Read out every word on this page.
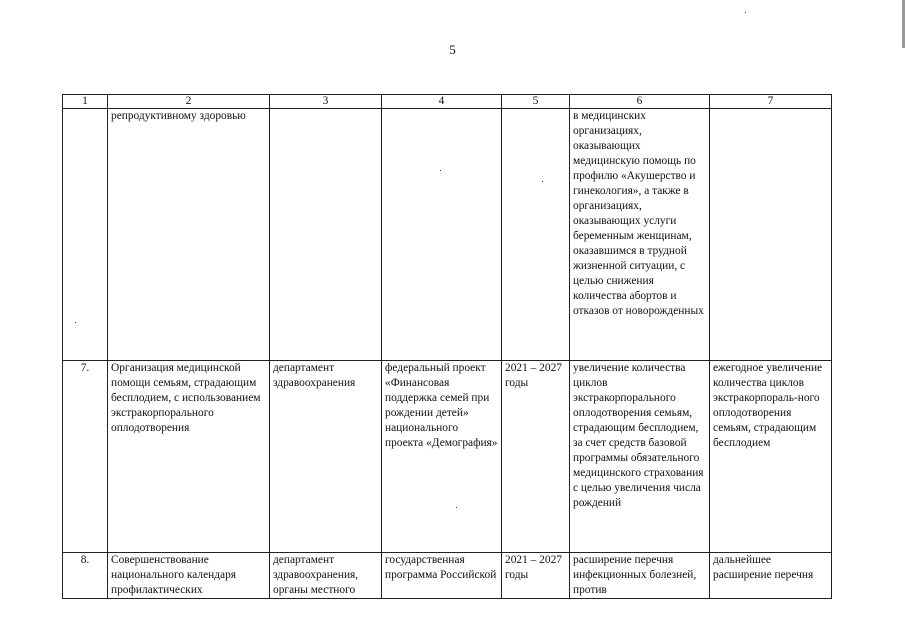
5
1	2	3	4	5	6	7
	репродуктивному здоровью				в медицинских организациях, оказывающих медицинскую помощь по профилю «Акушерство и гинекология», а также в организациях, оказывающих услуги беременным женщинам, оказавшимся в трудной жизненной ситуации, с целью снижения количества абортов и отказов от новорожденных	
7.	Организация медицинской помощи семьям, страдающим бесплодием, с использованием экстракорпорального оплодотворения	департамент здравоохранения	федеральный проект «Финансовая поддержка семей при рождении детей» национального проекта «Демография»	2021 – 2027 годы	увеличение количества циклов экстракорпорального оплодотворения семьям, страдающим бесплодием, за счет средств базовой программы обязательного медицинского страхования с целью увеличения числа рождений	ежегодное увеличение количества циклов экстракорпораль-ного оплодотворения семьям, страдающим бесплодием
8.	Совершенствование национального календаря профилактических	департамент здравоохранения, органы местного	государственная программа Российской	2021 – 2027 годы	расширение перечня инфекционных болезней, против	дальнейшее расширение перечня
